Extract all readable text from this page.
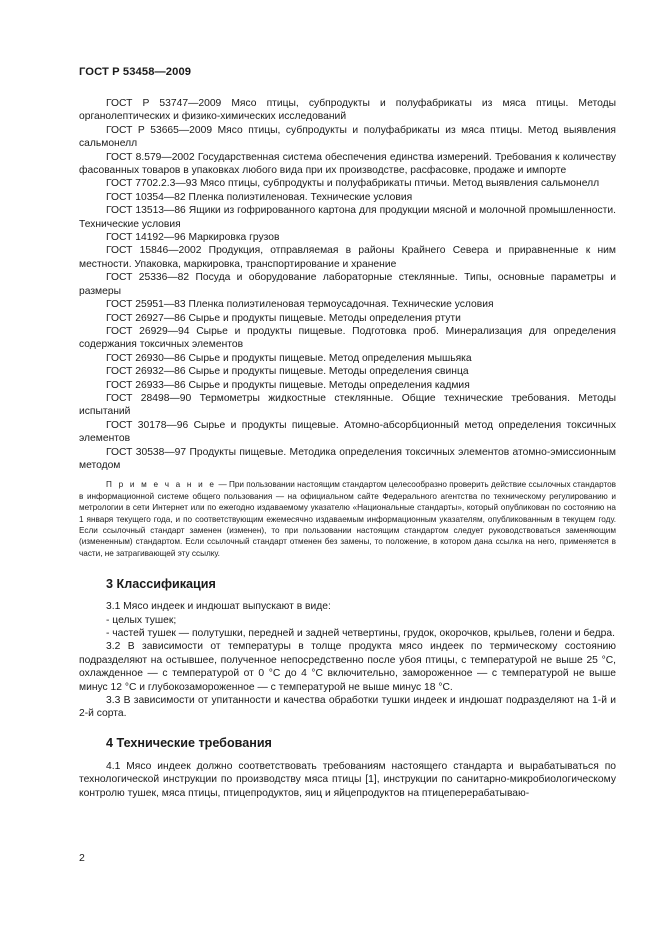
ГОСТ Р 53458—2009

ГОСТ Р 53747—2009 Мясо птицы, субпродукты и полуфабрикаты из мяса птицы. Методы органолептических и физико-химических исследований

ГОСТ Р 53665—2009 Мясо птицы, субпродукты и полуфабрикаты из мяса птицы. Метод выявления сальмонелл

ГОСТ 8.579—2002 Государственная система обеспечения единства измерений. Требования к количеству фасованных товаров в упаковках любого вида при их производстве, расфасовке, продаже и импорте

ГОСТ 7702.2.3—93 Мясо птицы, субпродукты и полуфабрикаты птичьи. Метод выявления сальмонелл

ГОСТ 10354—82 Пленка полиэтиленовая. Технические условия

ГОСТ 13513—86 Ящики из гофрированного картона для продукции мясной и молочной промышленности. Технические условия

ГОСТ 14192—96 Маркировка грузов

ГОСТ 15846—2002 Продукция, отправляемая в районы Крайнего Севера и приравненные к ним местности. Упаковка, маркировка, транспортирование и хранение

ГОСТ 25336—82 Посуда и оборудование лабораторные стеклянные. Типы, основные параметры и размеры

ГОСТ 25951—83 Пленка полиэтиленовая термоусадочная. Технические условия

ГОСТ 26927—86 Сырье и продукты пищевые. Методы определения ртути

ГОСТ 26929—94 Сырье и продукты пищевые. Подготовка проб. Минерализация для определения содержания токсичных элементов

ГОСТ 26930—86 Сырье и продукты пищевые. Метод определения мышьяка

ГОСТ 26932—86 Сырье и продукты пищевые. Методы определения свинца

ГОСТ 26933—86 Сырье и продукты пищевые. Методы определения кадмия

ГОСТ 28498—90 Термометры жидкостные стеклянные. Общие технические требования. Методы испытаний

ГОСТ 30178—96 Сырье и продукты пищевые. Атомно-абсорбционный метод определения токсичных элементов

ГОСТ 30538—97 Продукты пищевые. Методика определения токсичных элементов атомно-эмиссионным методом

П р и м е ч а н и е — При пользовании настоящим стандартом целесообразно проверить действие ссылочных стандартов в информационной системе общего пользования — на официальном сайте Федерального агентства по техническому регулированию и метрологии в сети Интернет или по ежегодно издаваемому указателю «Национальные стандарты», который опубликован по состоянию на 1 января текущего года, и по соответствующим ежемесячно издаваемым информационным указателям, опубликованным в текущем году. Если ссылочный стандарт заменен (изменен), то при пользовании настоящим стандартом следует руководствоваться заменяющим (измененным) стандартом. Если ссылочный стандарт отменен без замены, то положение, в котором дана ссылка на него, применяется в части, не затрагивающей эту ссылку.

3 Классификация

3.1 Мясо индеек и индюшат выпускают в виде:

- целых тушек;

- частей тушек — полутушки, передней и задней четвертины, грудок, окорочков, крыльев, голени и бедра.

3.2 В зависимости от температуры в толще продукта мясо индеек по термическому состоянию подразделяют на остывшее, полученное непосредственно после убоя птицы, с температурой не выше 25 °С, охлажденное — с температурой от 0 °С до 4 °С включительно, замороженное — с температурой не выше минус 12 °С и глубокозамороженное — с температурой не выше минус 18 °С.

3.3 В зависимости от упитанности и качества обработки тушки индеек и индюшат подразделяют на 1-й и 2-й сорта.

4 Технические требования

4.1 Мясо индеек должно соответствовать требованиям настоящего стандарта и вырабатываться по технологической инструкции по производству мяса птицы [1], инструкции по санитарно-микробиологическому контролю тушек, мяса птицы, птицепродуктов, яиц и яйцепродуктов на птицеперерабатываю-

2
